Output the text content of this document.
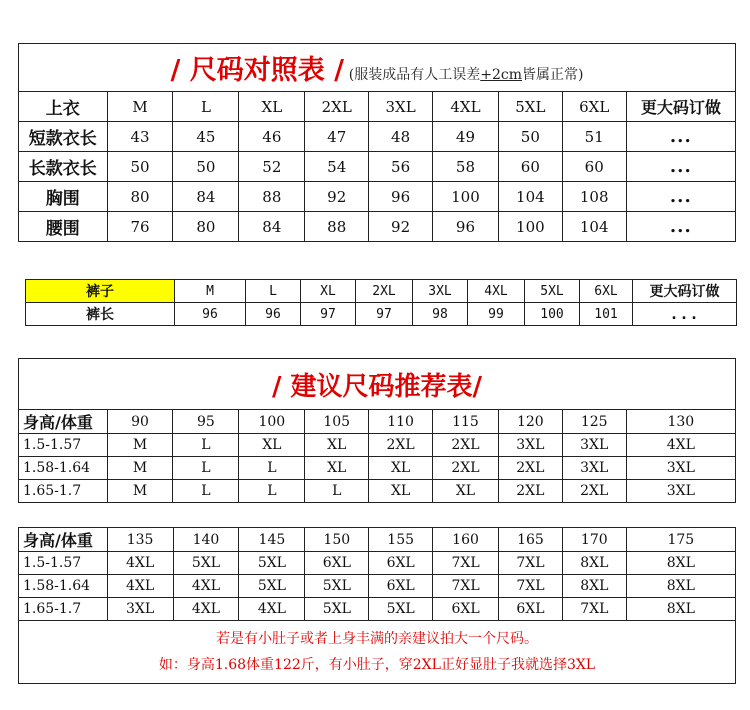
/ 尺码对照表 / (服装成品有人工误差+2cm皆属正常)									
上衣	M	L	XL	2XL	3XL	4XL	5XL	6XL	更大码订做
短款衣长	43	45	46	47	48	49	50	51	...
长款衣长	50	50	52	54	56	58	60	60	...
胸围	80	84	88	92	96	100	104	108	...
腰围	76	80	84	88	92	96	100	104	...
裤子	M	L	XL	2XL	3XL	4XL	5XL	6XL	更大码订做
裤长	96	96	97	97	98	99	100	101	...
/ 建议尺码推荐表/									
身高/体重	90	95	100	105	110	115	120	125	130
1.5-1.57	M	L	XL	XL	2XL	2XL	3XL	3XL	4XL
1.58-1.64	M	L	L	XL	XL	2XL	2XL	3XL	3XL
1.65-1.7	M	L	L	L	XL	XL	2XL	2XL	3XL
身高/体重	135	140	145	150	155	160	165	170	175
1.5-1.57	4XL	5XL	5XL	6XL	6XL	7XL	7XL	8XL	8XL
1.58-1.64	4XL	4XL	5XL	5XL	6XL	7XL	7XL	8XL	8XL
1.65-1.7	3XL	4XL	4XL	5XL	5XL	6XL	6XL	7XL	8XL

若是有小肚子或者上身丰满的亲建议拍大一个尺码。
如：身高1.68体重122斤，有小肚子，穿2XL正好显肚子我就选择3XL									
